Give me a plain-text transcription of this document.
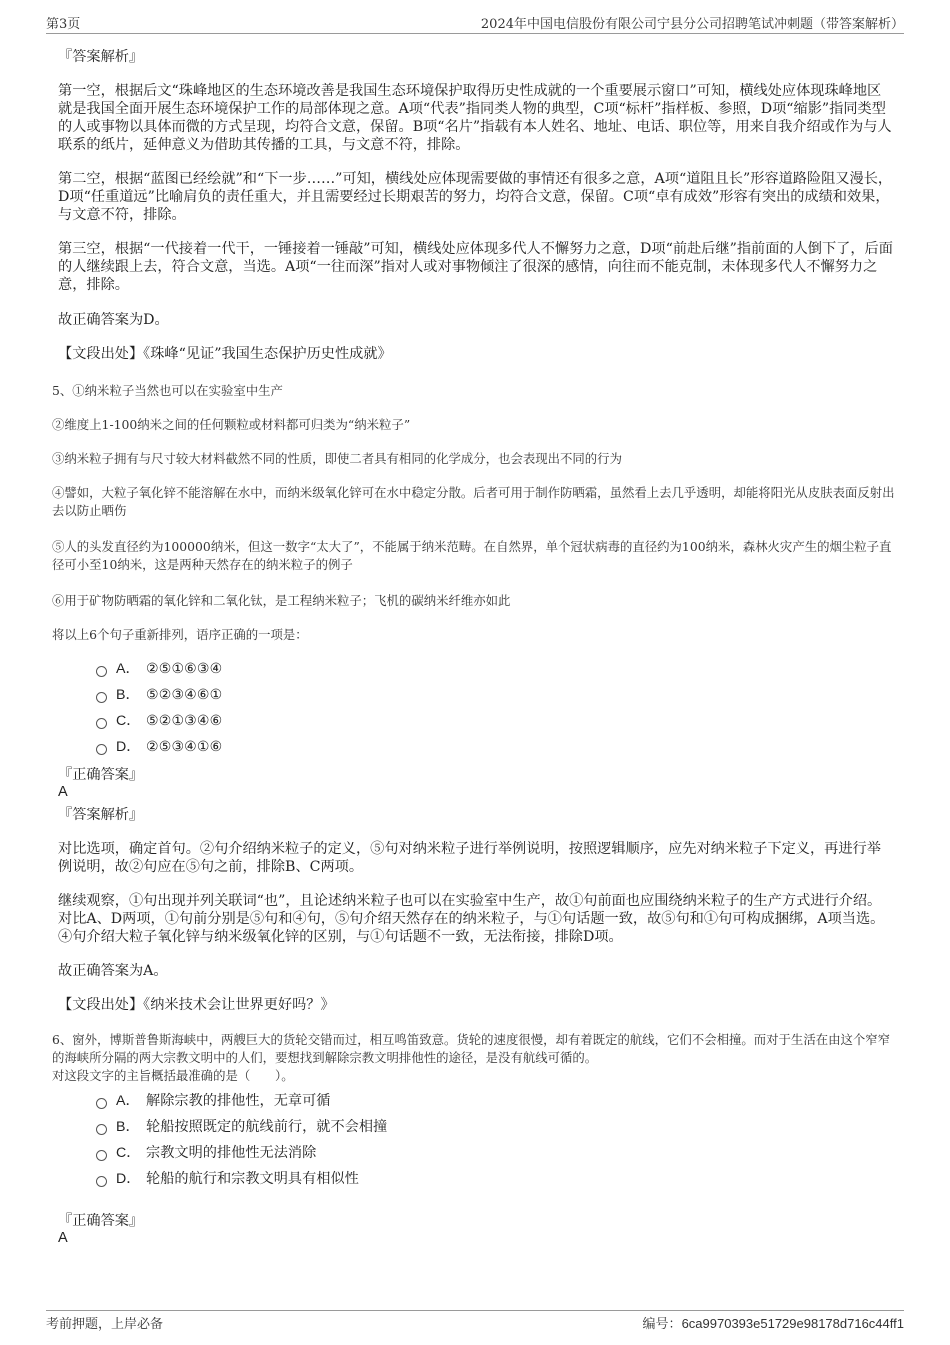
第3页	2024年中国电信股份有限公司宁县分公司招聘笔试冲刺题（带答案解析）
『答案解析』
第一空，根据后文“珠峰地区的生态环境改善是我国生态环境保护取得历史性成就的一个重要展示窗口”可知，横线处应体现珠峰地区就是我国全面开展生态环境保护工作的局部体现之意。A项“代表”指同类人物的典型，C项“标杆”指样板、参照，D项“缩影”指同类型的人或事物以具体而微的方式呈现，均符合文意，保留。B项“名片”指载有本人姓名、地址、电话、职位等，用来自我介绍或作为与人联系的纸片，延伸意义为借助其传播的工具，与文意不符，排除。
第二空，根据“蓝图已经绘就”和“下一步……”可知，横线处应体现需要做的事情还有很多之意，A项“道阻且长”形容道路险阻又漫长，D项“任重道远”比喻肩负的责任重大，并且需要经过长期艰苦的努力，均符合文意，保留。C项“卓有成效”形容有突出的成绩和效果，与文意不符，排除。
第三空，根据“一代接着一代干，一锤接着一锤敲”可知，横线处应体现多代人不懈努力之意，D项“前赴后继”指前面的人倒下了，后面的人继续跟上去，符合文意，当选。A项“一往而深”指对人或对事物倾注了很深的感情，向往而不能克制，未体现多代人不懈努力之意，排除。
故正确答案为D。
【文段出处】《珠峰“见证”我国生态保护历史性成就》
5、①纳米粒子当然也可以在实验室中生产
②维度上1-100纳米之间的任何颗粒或材料都可归类为“纳米粒子”
③纳米粒子拥有与尺寸较大材料截然不同的性质，即使二者具有相同的化学成分，也会表现出不同的行为
④譬如，大粒子氧化锌不能溶解在水中，而纳米级氧化锌可在水中稳定分散。后者可用于制作防晒霜，虽然看上去几乎透明，却能将阳光从皮肤表面反射出去以防止晒伤
⑤人的头发直径约为100000纳米，但这一数字“太大了”，不能属于纳米范畴。在自然界，单个冠状病毒的直径约为100纳米，森林火灾产生的烟尘粒子直径可小至10纳米，这是两种天然存在的纳米粒子的例子
⑥用于矿物防晒霜的氧化锌和二氧化钛，是工程纳米粒子；飞机的碳纳米纤维亦如此
将以上6个句子重新排列，语序正确的一项是：
A． ②⑤①⑥③④
B． ⑤②③④⑥①
C． ⑤②①③④⑥
D． ②⑤③④①⑥
『正确答案』
A
『答案解析』
对比选项，确定首句。②句介绍纳米粒子的定义，⑤句对纳米粒子进行举例说明，按照逻辑顺序，应先对纳米粒子下定义，再进行举例说明，故②句应在⑤句之前，排除B、C两项。
继续观察，①句出现并列关联词“也”，且论述纳米粒子也可以在实验室中生产，故①句前面也应围绕纳米粒子的生产方式进行介绍。对比A、D两项，①句前分别是⑤句和④句，⑤句介绍天然存在的纳米粒子，与①句话题一致，故⑤句和①句可构成捆绑，A项当选。④句介绍大粒子氧化锌与纳米级氧化锌的区别，与①句话题不一致，无法衔接，排除D项。
故正确答案为A。
【文段出处】《纳米技术会让世界更好吗？》
6、窗外，博斯普鲁斯海峡中，两艘巨大的货轮交错而过，相互鸣笛致意。货轮的速度很慢，却有着既定的航线，它们不会相撞。而对于生活在由这个窄窄的海峡所分隔的两大宗教文明中的人们，要想找到解除宗教文明排他性的途径，是没有航线可循的。
对这段文字的主旨概括最准确的是（　　）。
A． 解除宗教的排他性，无章可循
B． 轮船按照既定的航线前行，就不会相撞
C． 宗教文明的排他性无法消除
D． 轮船的航行和宗教文明具有相似性
『正确答案』
A
考前押题，上岸必备	编号：6ca9970393e51729e98178d716c44ff1
